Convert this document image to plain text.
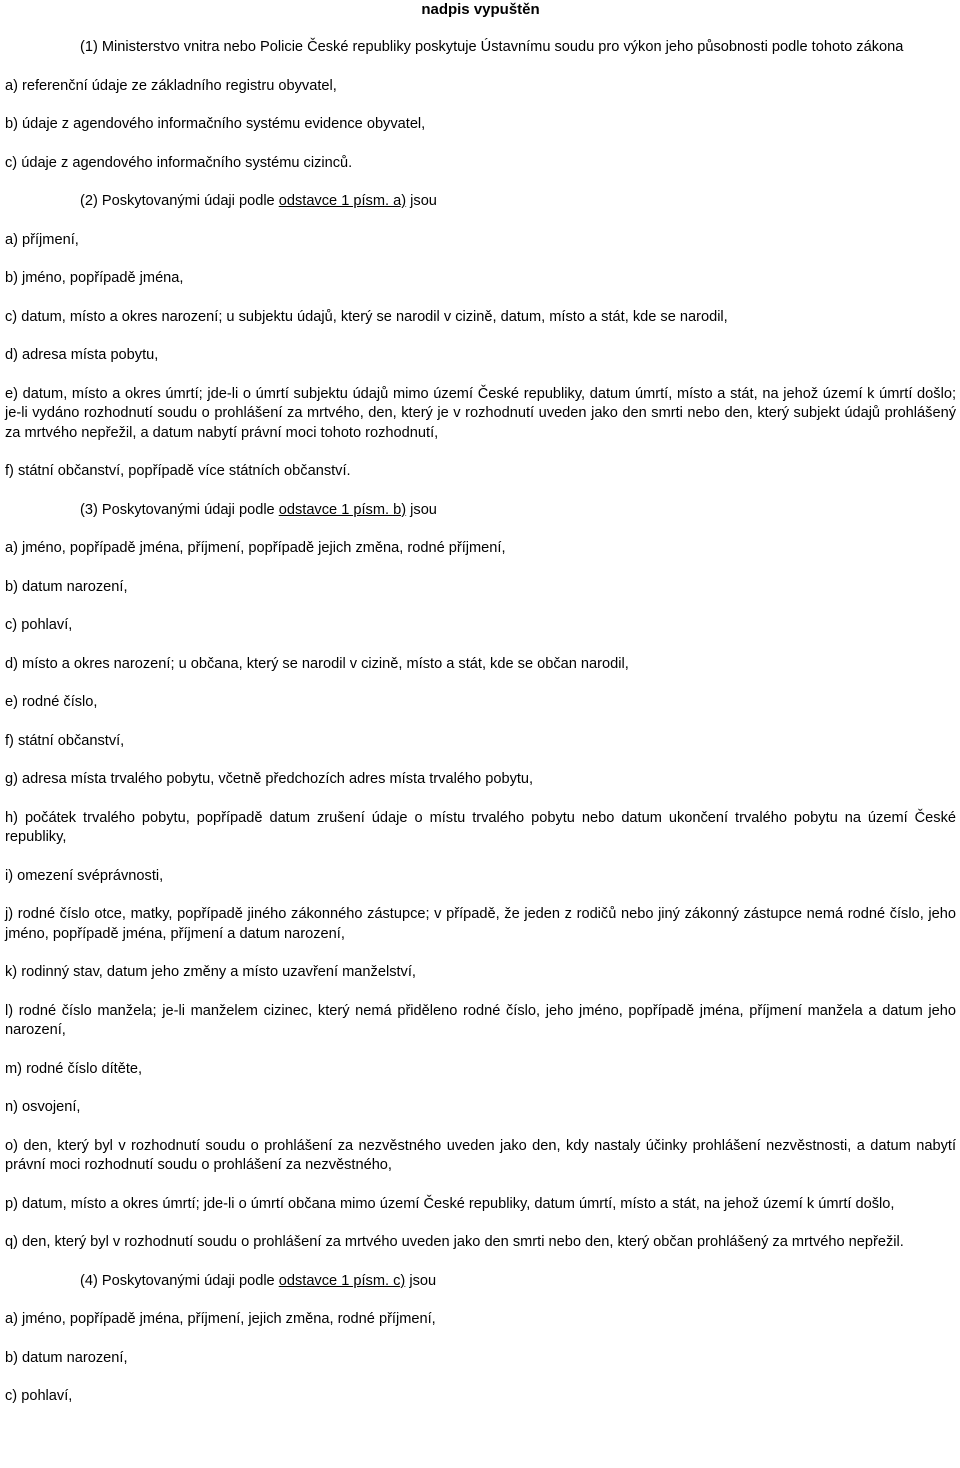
nadpis vypuštěn
(1) Ministerstvo vnitra nebo Policie České republiky poskytuje Ústavnímu soudu pro výkon jeho působnosti podle tohoto zákona
a) referenční údaje ze základního registru obyvatel,
b) údaje z agendového informačního systému evidence obyvatel,
c) údaje z agendového informačního systému cizinců.
(2) Poskytovanými údaji podle odstavce 1 písm. a) jsou
a) příjmení,
b) jméno, popřípadě jména,
c) datum, místo a okres narození; u subjektu údajů, který se narodil v cizině, datum, místo a stát, kde se narodil,
d) adresa místa pobytu,
e) datum, místo a okres úmrtí; jde-li o úmrtí subjektu údajů mimo území České republiky, datum úmrtí, místo a stát, na jehož území k úmrtí došlo; je-li vydáno rozhodnutí soudu o prohlášení za mrtvého, den, který je v rozhodnutí uveden jako den smrti nebo den, který subjekt údajů prohlášený za mrtvého nepřežil, a datum nabytí právní moci tohoto rozhodnutí,
f) státní občanství, popřípadě více státních občanství.
(3) Poskytovanými údaji podle odstavce 1 písm. b) jsou
a) jméno, popřípadě jména, příjmení, popřípadě jejich změna, rodné příjmení,
b) datum narození,
c) pohlaví,
d) místo a okres narození; u občana, který se narodil v cizině, místo a stát, kde se občan narodil,
e) rodné číslo,
f) státní občanství,
g) adresa místa trvalého pobytu, včetně předchozích adres místa trvalého pobytu,
h) počátek trvalého pobytu, popřípadě datum zrušení údaje o místu trvalého pobytu nebo datum ukončení trvalého pobytu na území České republiky,
i) omezení svéprávnosti,
j) rodné číslo otce, matky, popřípadě jiného zákonného zástupce; v případě, že jeden z rodičů nebo jiný zákonný zástupce nemá rodné číslo, jeho jméno, popřípadě jména, příjmení a datum narození,
k) rodinný stav, datum jeho změny a místo uzavření manželství,
l) rodné číslo manžela; je-li manželem cizinec, který nemá přiděleno rodné číslo, jeho jméno, popřípadě jména, příjmení manžela a datum jeho narození,
m) rodné číslo dítěte,
n) osvojení,
o) den, který byl v rozhodnutí soudu o prohlášení za nezvěstného uveden jako den, kdy nastaly účinky prohlášení nezvěstnosti, a datum nabytí právní moci rozhodnutí soudu o prohlášení za nezvěstného,
p) datum, místo a okres úmrtí; jde-li o úmrtí občana mimo území České republiky, datum úmrtí, místo a stát, na jehož území k úmrtí došlo,
q) den, který byl v rozhodnutí soudu o prohlášení za mrtvého uveden jako den smrti nebo den, který občan prohlášený za mrtvého nepřežil.
(4) Poskytovanými údaji podle odstavce 1 písm. c) jsou
a) jméno, popřípadě jména, příjmení, jejich změna, rodné příjmení,
b) datum narození,
c) pohlaví,
